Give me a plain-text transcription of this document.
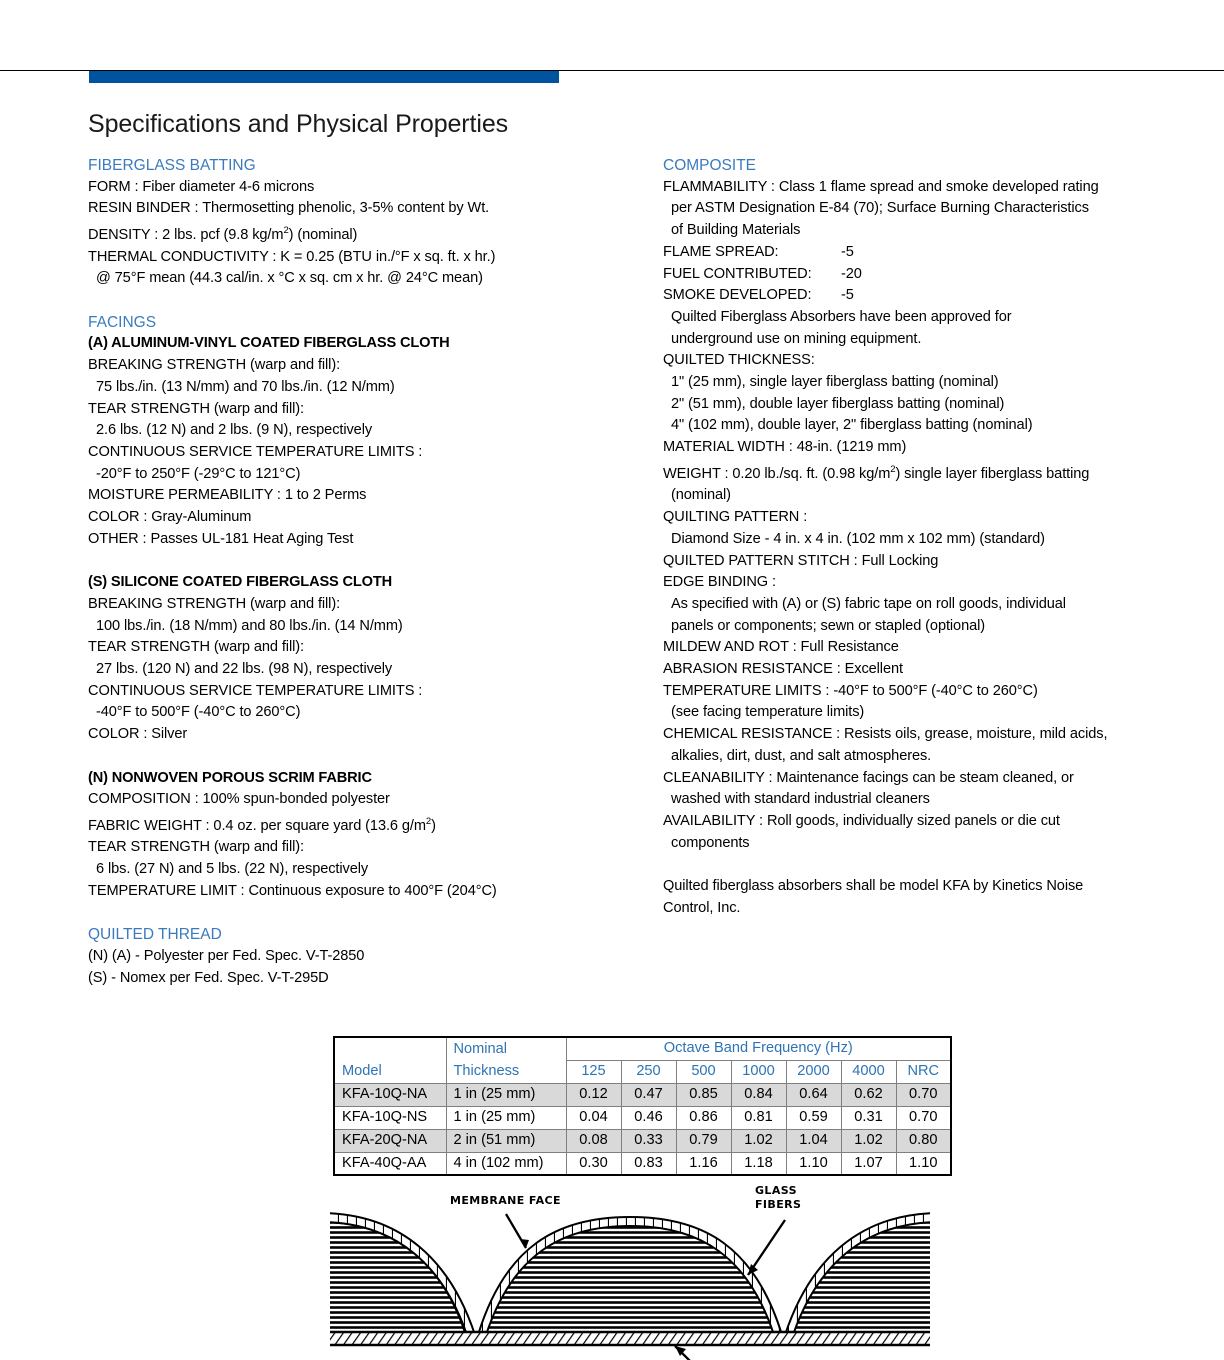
Specifications and Physical Properties
FIBERGLASS BATTING
FORM : Fiber diameter 4-6 microns
RESIN BINDER : Thermosetting phenolic, 3-5% content by Wt.
DENSITY : 2 lbs. pcf (9.8 $kg/m^2$) (nominal)
THERMAL CONDUCTIVITY : K = 0.25 (BTU in./°F x sq. ft. x hr.)
@ 75°F mean (44.3 cal/in. x °C x sq. cm x hr. @ 24°C mean)
FACINGS
(A) ALUMINUM-VINYL COATED FIBERGLASS CLOTH
BREAKING STRENGTH (warp and fill):
75 lbs./in. (13 N/mm) and 70 lbs./in. (12 N/mm)
TEAR STRENGTH (warp and fill):
2.6 lbs. (12 N) and 2 lbs. (9 N), respectively
CONTINUOUS SERVICE TEMPERATURE LIMITS :
-20°F to 250°F (-29°C to 121°C)
MOISTURE PERMEABILITY : 1 to 2 Perms
COLOR : Gray-Aluminum
OTHER : Passes UL-181 Heat Aging Test
(S) SILICONE COATED FIBERGLASS CLOTH
BREAKING STRENGTH (warp and fill):
100 lbs./in. (18 N/mm) and 80 lbs./in. (14 N/mm)
TEAR STRENGTH (warp and fill):
27 lbs. (120 N) and 22 lbs. (98 N), respectively
CONTINUOUS SERVICE TEMPERATURE LIMITS :
-40°F to 500°F (-40°C to 260°C)
COLOR : Silver
(N) NONWOVEN POROUS SCRIM FABRIC
COMPOSITION : 100% spun-bonded polyester
FABRIC WEIGHT : 0.4 oz. per square yard (13.6 $g/m^2$)
TEAR STRENGTH (warp and fill):
6 lbs. (27 N) and 5 lbs. (22 N), respectively
TEMPERATURE LIMIT : Continuous exposure to 400°F (204°C)
QUILTED THREAD
(N) (A) - Polyester per Fed. Spec. V-T-2850
(S) - Nomex per Fed. Spec. V-T-295D
COMPOSITE
FLAMMABILITY : Class 1 flame spread and smoke developed rating
per ASTM Designation E-84 (70); Surface Burning Characteristics
of Building Materials
FLAME SPREAD:	-5
FUEL CONTRIBUTED: -20
SMOKE DEVELOPED: -5
Quilted Fiberglass Absorbers have been approved for
underground use on mining equipment.
QUILTED THICKNESS:
1" (25 mm), single layer fiberglass batting (nominal)
2" (51 mm), double layer fiberglass batting (nominal)
4" (102 mm), double layer, 2" fiberglass batting (nominal)
MATERIAL WIDTH : 48-in. (1219 mm)
WEIGHT : 0.20 lb./sq. ft. (0.98 $kg/m^2$) single layer fiberglass batting
(nominal)
QUILTING PATTERN :
Diamond Size - 4 in. x 4 in. (102 mm x 102 mm) (standard)
QUILTED PATTERN STITCH : Full Locking
EDGE BINDING :
As specified with (A) or (S) fabric tape on roll goods, individual
panels or components; sewn or stapled (optional)
MILDEW AND ROT : Full Resistance
ABRASION RESISTANCE : Excellent
TEMPERATURE LIMITS : -40°F to 500°F (-40°C to 260°C)
(see facing temperature limits)
CHEMICAL RESISTANCE : Resists oils, grease, moisture, mild acids,
alkalies, dirt, dust, and salt atmospheres.
CLEANABILITY : Maintenance facings can be steam cleaned, or
washed with standard industrial cleaners
AVAILABILITY : Roll goods, individually sized panels or die cut
components
Quilted fiberglass absorbers shall be model KFA by Kinetics Noise
Control, Inc.
	Nominal	Octave Band Frequency (Hz)						
Model	Thickness	125	250	500	1000	2000	4000	NRC
KFA-10Q-NA	1 in (25 mm)	0.12	0.47	0.85	0.84	0.64	0.62	0.70
KFA-10Q-NS	1 in (25 mm)	0.04	0.46	0.86	0.81	0.59	0.31	0.70
KFA-20Q-NA	2 in (51 mm)	0.08	0.33	0.79	1.02	1.04	1.02	0.80
KFA-40Q-AA	4 in (102 mm)	0.30	0.83	1.16	1.18	1.10	1.07	1.10
MEMBRANE FACE
GLASS
FIBERS
